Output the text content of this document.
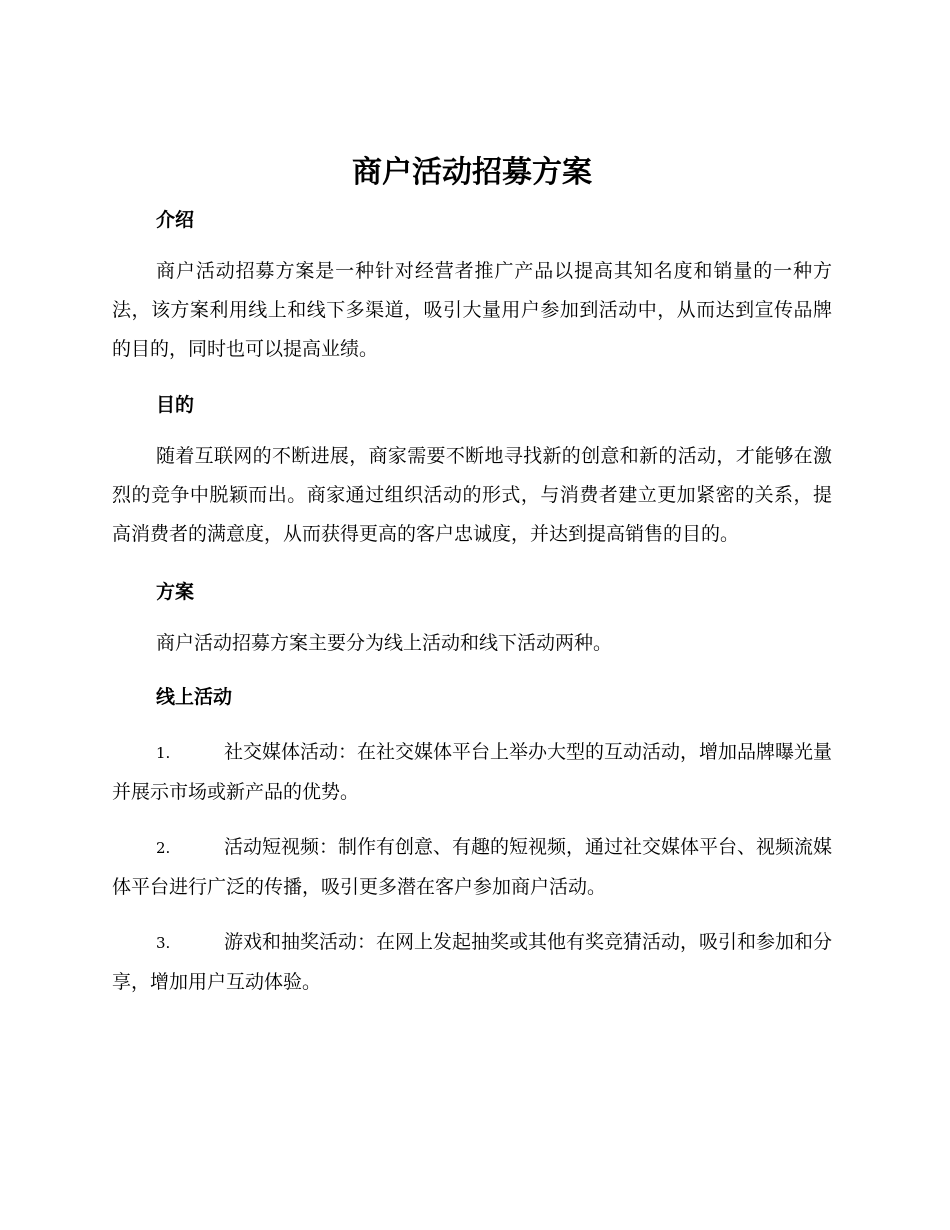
商户活动招募方案
介绍

商户活动招募方案是一种针对经营者推广产品以提高其知名度和销量的一种方法，该方案利用线上和线下多渠道，吸引大量用户参加到活动中，从而达到宣传品牌的目的，同时也可以提高业绩。

目的

随着互联网的不断进展，商家需要不断地寻找新的创意和新的活动，才能够在激烈的竞争中脱颖而出。商家通过组织活动的形式，与消费者建立更加紧密的关系，提高消费者的满意度，从而获得更高的客户忠诚度，并达到提高销售的目的。

方案

商户活动招募方案主要分为线上活动和线下活动两种。

线上活动

1.	社交媒体活动：在社交媒体平台上举办大型的互动活动，增加品牌曝光量并展示市场或新产品的优势。

2.	活动短视频：制作有创意、有趣的短视频，通过社交媒体平台、视频流媒体平台进行广泛的传播，吸引更多潜在客户参加商户活动。

3.	游戏和抽奖活动：在网上发起抽奖或其他有奖竞猜活动，吸引和参加和分享，增加用户互动体验。
